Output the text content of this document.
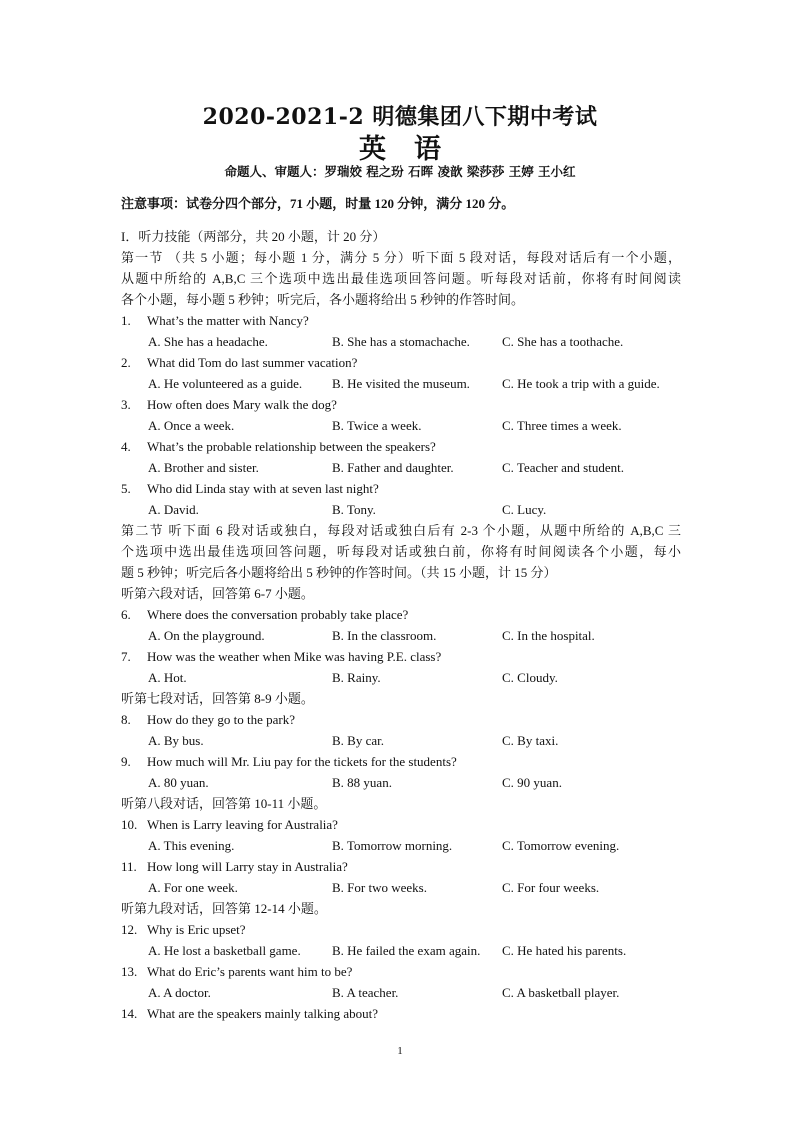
2020-2021-2 明德集团八下期中考试
英语
命题人、审题人：罗瑞姣 程之玢 石晖 凌歆 梁莎莎 王婷 王小红
注意事项：试卷分四个部分，71 小题，时量 120 分钟，满分 120 分。
I．听力技能（两部分，共 20 小题，计 20 分）
第一节 （共 5 小题；每小题 1 分，满分 5 分）听下面 5 段对话，每段对话后有一个小题，
从题中所给的 A,B,C 三个选项中选出最佳选项回答问题。听每段对话前，你将有时间阅读
各个小题，每小题 5 秒钟；听完后，各小题将给出 5 秒钟的作答时间。
1.	What’s the matter with Nancy?
A. She has a headache.	B. She has a stomachache.	C. She has a toothache.
2.	What did Tom do last summer vacation?
A. He volunteered as a guide.	B. He visited the museum.	C. He took a trip with a guide.
3.	How often does Mary walk the dog?
A. Once a week.	B. Twice a week.	C. Three times a week.
4.	What’s the probable relationship between the speakers?
A. Brother and sister.	B. Father and daughter.	C. Teacher and student.
5.	Who did Linda stay with at seven last night?
A. David.	B. Tony.	C. Lucy.
第二节 听下面 6 段对话或独白，每段对话或独白后有 2-3 个小题，从题中所给的 A,B,C 三
个选项中选出最佳选项回答问题，听每段对话或独白前，你将有时间阅读各个小题，每小
题 5 秒钟；听完后各小题将给出 5 秒钟的作答时间。（共 15 小题，计 15 分）
听第六段对话，回答第 6-7 小题。
6.	Where does the conversation probably take place?
A. On the playground.	B. In the classroom.	C. In the hospital.
7.	How was the weather when Mike was having P.E. class?
A. Hot.	B. Rainy.	C. Cloudy.
听第七段对话，回答第 8-9 小题。
8.	How do they go to the park?
A. By bus.	B. By car.	C. By taxi.
9.	How much will Mr. Liu pay for the tickets for the students?
A. 80 yuan.	B. 88 yuan.	C. 90 yuan.
听第八段对话，回答第 10-11 小题。
10. When is Larry leaving for Australia?
A. This evening.	B. Tomorrow morning.	C. Tomorrow evening.
11. How long will Larry stay in Australia?
A. For one week.	B. For two weeks.	C. For four weeks.
听第九段对话，回答第 12-14 小题。
12. Why is Eric upset?
A. He lost a basketball game.	B. He failed the exam again.	C. He hated his parents.
13. What do Eric’s parents want him to be?
A. A doctor.	B. A teacher.	C. A basketball player.
14. What are the speakers mainly talking about?
1
